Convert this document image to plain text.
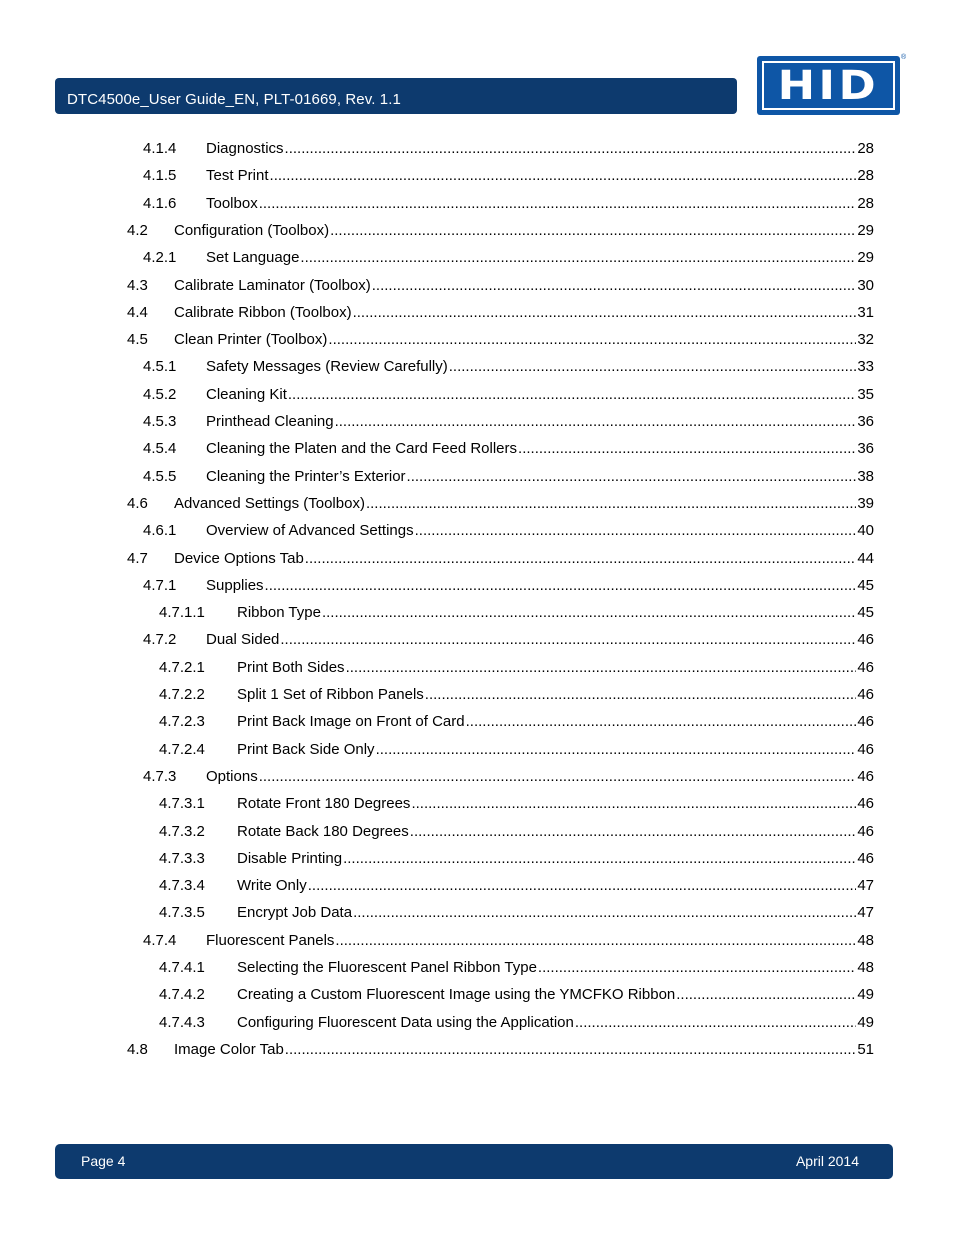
DTC4500e_User Guide_EN, PLT-01669, Rev. 1.1	HID
®
4.1.4 Diagnostics .....	28
4.1.5 Test Print .....	28
4.1.6 Toolbox .....	28
4.2 Configuration (Toolbox) .....	29
4.2.1 Set Language .....	29
4.3 Calibrate Laminator (Toolbox) .....	30
4.4 Calibrate Ribbon (Toolbox) .....	31
4.5 Clean Printer (Toolbox) .....	32
4.5.1 Safety Messages (Review Carefully) .....	33
4.5.2 Cleaning Kit .....	35
4.5.3 Printhead Cleaning .....	36
4.5.4 Cleaning the Platen and the Card Feed Rollers .....	36
4.5.5 Cleaning the Printer’s Exterior .....	38
4.6 Advanced Settings (Toolbox) .....	39
4.6.1 Overview of Advanced Settings .....	40
4.7 Device Options Tab .....	44
4.7.1 Supplies .....	45
4.7.1.1 Ribbon Type .....	45
4.7.2 Dual Sided .....	46
4.7.2.1 Print Both Sides .....	46
4.7.2.2 Split 1 Set of Ribbon Panels .....	46
4.7.2.3 Print Back Image on Front of Card .....	46
4.7.2.4 Print Back Side Only .....	46
4.7.3 Options .....	46
4.7.3.1 Rotate Front 180 Degrees .....	46
4.7.3.2 Rotate Back 180 Degrees .....	46
4.7.3.3 Disable Printing .....	46
4.7.3.4 Write Only .....	47
4.7.3.5 Encrypt Job Data .....	47
4.7.4 Fluorescent Panels .....	48
4.7.4.1 Selecting the Fluorescent Panel Ribbon Type .....	48
4.7.4.2 Creating a Custom Fluorescent Image using the YMCFKO Ribbon .....	49
4.7.4.3 Configuring Fluorescent Data using the Application .....	49
4.8 Image Color Tab .....	51
Page 4	April 2014
